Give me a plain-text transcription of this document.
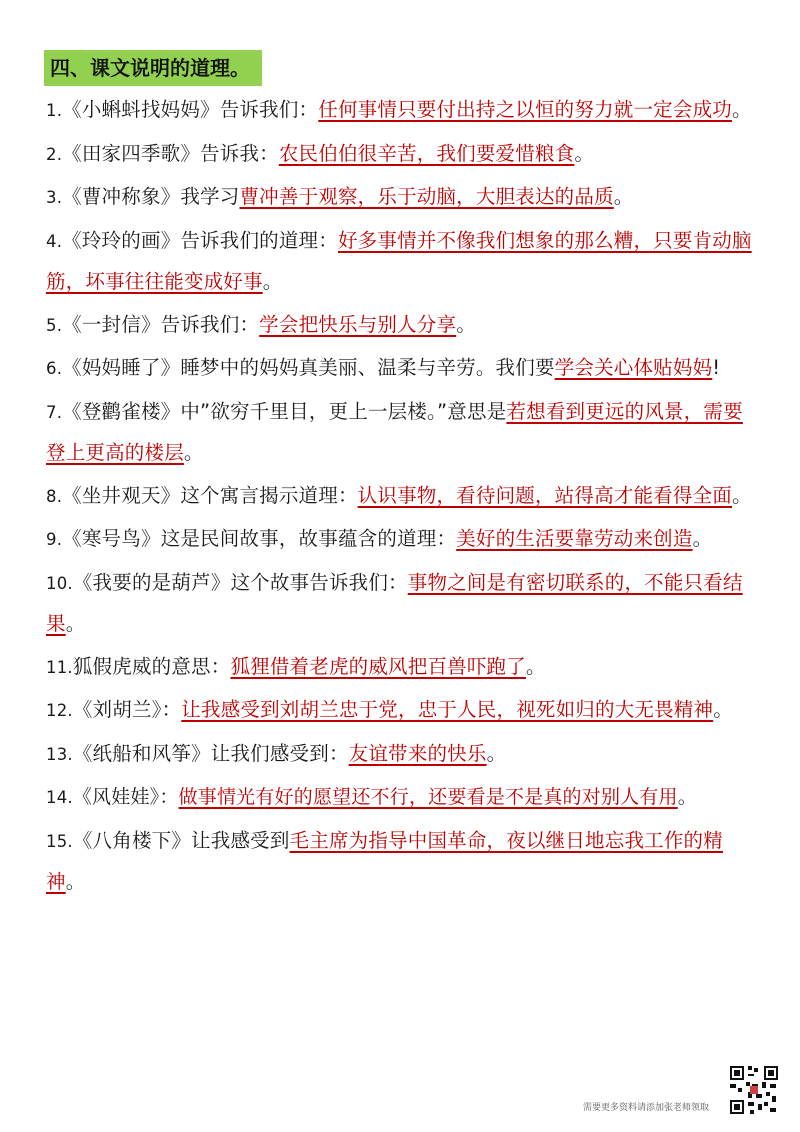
四、课文说明的道理。
1.《小蝌蚪找妈妈》告诉我们：任何事情只要付出持之以恒的努力就一定会成功。
2.《田家四季歌》告诉我：农民伯伯很辛苦，我们要爱惜粮食。
3.《曹冲称象》我学习曹冲善于观察，乐于动脑，大胆表达的品质。
4.《玲玲的画》告诉我们的道理：好多事情并不像我们想象的那么糟，只要肯动脑筋，坏事往往能变成好事。
5.《一封信》告诉我们：学会把快乐与别人分享。
6.《妈妈睡了》睡梦中的妈妈真美丽、温柔与辛劳。我们要学会关心体贴妈妈!
7.《登鹳雀楼》中”欲穷千里目，更上一层楼。”意思是若想看到更远的风景，需要登上更高的楼层。
8.《坐井观天》这个寓言揭示道理：认识事物，看待问题，站得高才能看得全面。
9.《寒号鸟》这是民间故事，故事蕴含的道理：美好的生活要靠劳动来创造。
10.《我要的是葫芦》这个故事告诉我们：事物之间是有密切联系的，不能只看结果。
11.狐假虎威的意思：狐狸借着老虎的威风把百兽吓跑了。
12.《刘胡兰》：让我感受到刘胡兰忠于党，忠于人民，视死如归的大无畏精神。
13.《纸船和风筝》让我们感受到：友谊带来的快乐。
14.《风娃娃》：做事情光有好的愿望还不行，还要看是不是真的对别人有用。
15.《八角楼下》让我感受到毛主席为指导中国革命，夜以继日地忘我工作的精神。
需要更多资料请添加张老师领取
